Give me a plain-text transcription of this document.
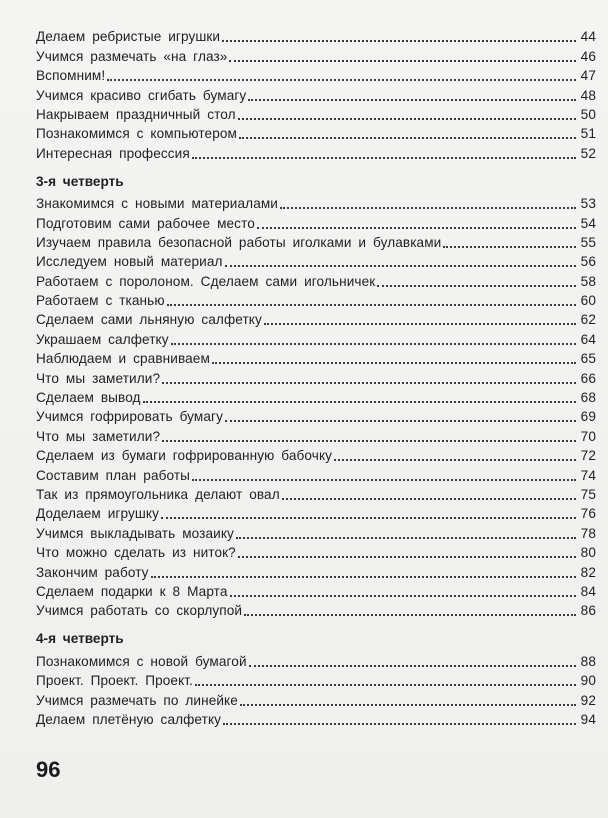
Делаем ребристые игрушки	44
Учимся размечать «на глаз»	46
Вспомним!	47
Учимся красиво сгибать бумагу	48
Накрываем праздничный стол	50
Познакомимся с компьютером	51
Интересная профессия	52
3-я четверть
Знакомимся с новыми материалами	53
Подготовим сами рабочее место	54
Изучаем правила безопасной работы иголками и булавками	55
Исследуем новый материал	56
Работаем с поролоном. Сделаем сами игольничек	58
Работаем с тканью	60
Сделаем сами льняную салфетку	62
Украшаем салфетку	64
Наблюдаем и сравниваем	65
Что мы заметили?	66
Сделаем вывод	68
Учимся гофрировать бумагу	69
Что мы заметили?	70
Сделаем из бумаги гофрированную бабочку	72
Составим план работы	74
Так из прямоугольника делают овал	75
Доделаем игрушку	76
Учимся выкладывать мозаику	78
Что можно сделать из ниток?	80
Закончим работу	82
Сделаем подарки к 8 Марта	84
Учимся работать со скорлупой	86
4-я четверть
Познакомимся с новой бумагой	88
Проект. Проект. Проект.	90
Учимся размечать по линейке	92
Делаем плетёную салфетку	94
96
